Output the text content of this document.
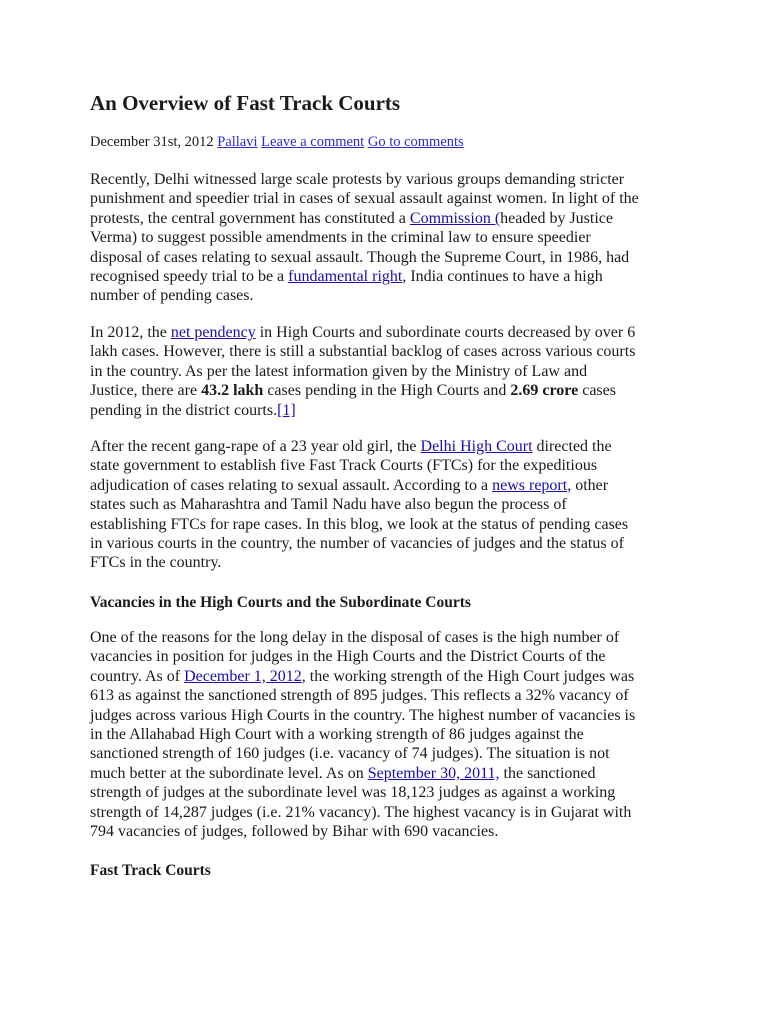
An Overview of Fast Track Courts
December 31st, 2012 Pallavi Leave a comment Go to comments

Recently, Delhi witnessed large scale protests by various groups demanding stricter
punishment and speedier trial in cases of sexual assault against women. In light of the
protests, the central government has constituted a Commission (headed by Justice
Verma) to suggest possible amendments in the criminal law to ensure speedier
disposal of cases relating to sexual assault. Though the Supreme Court, in 1986, had
recognised speedy trial to be a fundamental right, India continues to have a high
number of pending cases.

In 2012, the net pendency in High Courts and subordinate courts decreased by over 6
lakh cases. However, there is still a substantial backlog of cases across various courts
in the country. As per the latest information given by the Ministry of Law and
Justice, there are 43.2 lakh cases pending in the High Courts and 2.69 crore cases
pending in the district courts.[1]

After the recent gang-rape of a 23 year old girl, the Delhi High Court directed the
state government to establish five Fast Track Courts (FTCs) for the expeditious
adjudication of cases relating to sexual assault. According to a news report, other
states such as Maharashtra and Tamil Nadu have also begun the process of
establishing FTCs for rape cases. In this blog, we look at the status of pending cases
in various courts in the country, the number of vacancies of judges and the status of
FTCs in the country.

Vacancies in the High Courts and the Subordinate Courts

One of the reasons for the long delay in the disposal of cases is the high number of
vacancies in position for judges in the High Courts and the District Courts of the
country. As of December 1, 2012, the working strength of the High Court judges was
613 as against the sanctioned strength of 895 judges. This reflects a 32% vacancy of
judges across various High Courts in the country. The highest number of vacancies is
in the Allahabad High Court with a working strength of 86 judges against the
sanctioned strength of 160 judges (i.e. vacancy of 74 judges). The situation is not
much better at the subordinate level. As on September 30, 2011, the sanctioned
strength of judges at the subordinate level was 18,123 judges as against a working
strength of 14,287 judges (i.e. 21% vacancy). The highest vacancy is in Gujarat with
794 vacancies of judges, followed by Bihar with 690 vacancies.

Fast Track Courts
